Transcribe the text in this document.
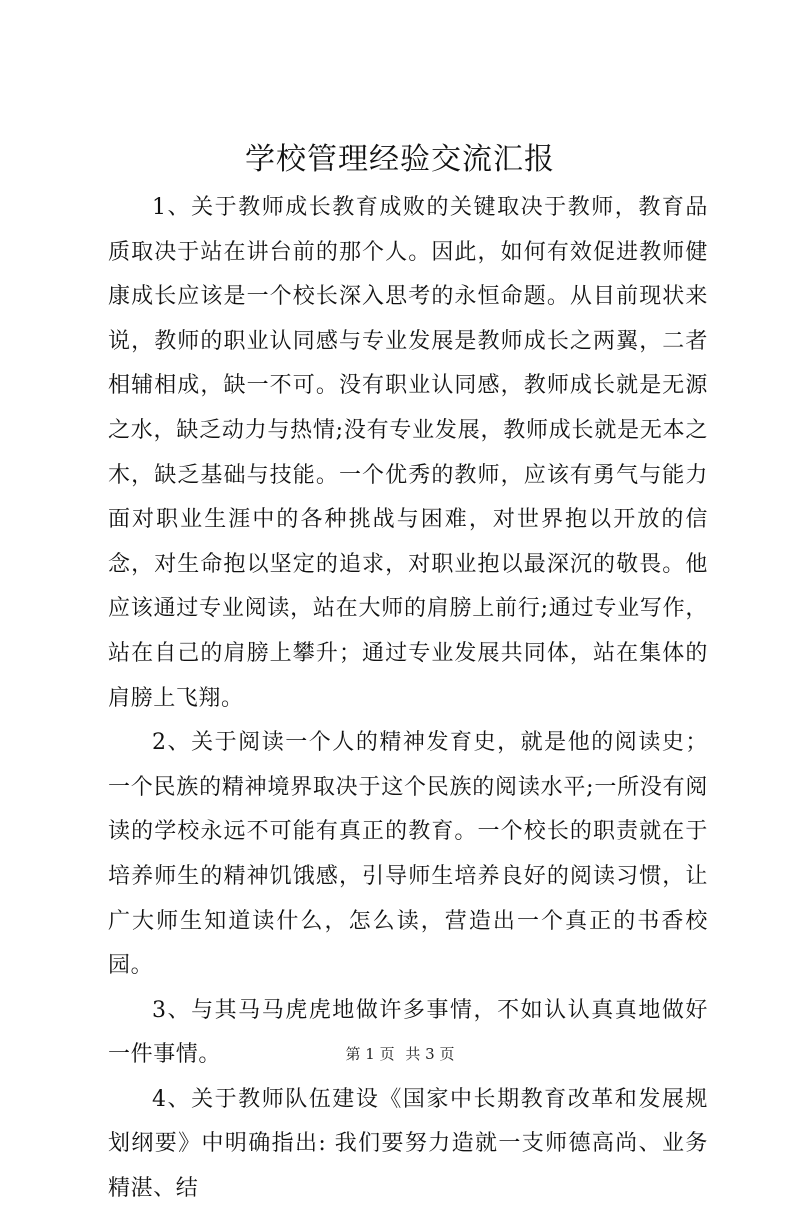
学校管理经验交流汇报

1、关于教师成长教育成败的关键取决于教师，教育品质取决于站在讲台前的那个人。因此，如何有效促进教师健康成长应该是一个校长深入思考的永恒命题。从目前现状来说，教师的职业认同感与专业发展是教师成长之两翼，二者相辅相成，缺一不可。没有职业认同感，教师成长就是无源之水，缺乏动力与热情;没有专业发展，教师成长就是无本之木，缺乏基础与技能。一个优秀的教师，应该有勇气与能力面对职业生涯中的各种挑战与困难，对世界抱以开放的信念，对生命抱以坚定的追求，对职业抱以最深沉的敬畏。他应该通过专业阅读，站在大师的肩膀上前行;通过专业写作，站在自己的肩膀上攀升；通过专业发展共同体，站在集体的肩膀上飞翔。

2、关于阅读一个人的精神发育史，就是他的阅读史；一个民族的精神境界取决于这个民族的阅读水平;一所没有阅读的学校永远不可能有真正的教育。一个校长的职责就在于培养师生的精神饥饿感，引导师生培养良好的阅读习惯，让广大师生知道读什么，怎么读，营造出一个真正的书香校园。

3、与其马马虎虎地做许多事情，不如认认真真地做好一件事情。

4、关于教师队伍建设《国家中长期教育改革和发展规划纲要》中明确指出: 我们要努力造就一支师德高尚、业务精湛、结

第 1 页 共 3 页
